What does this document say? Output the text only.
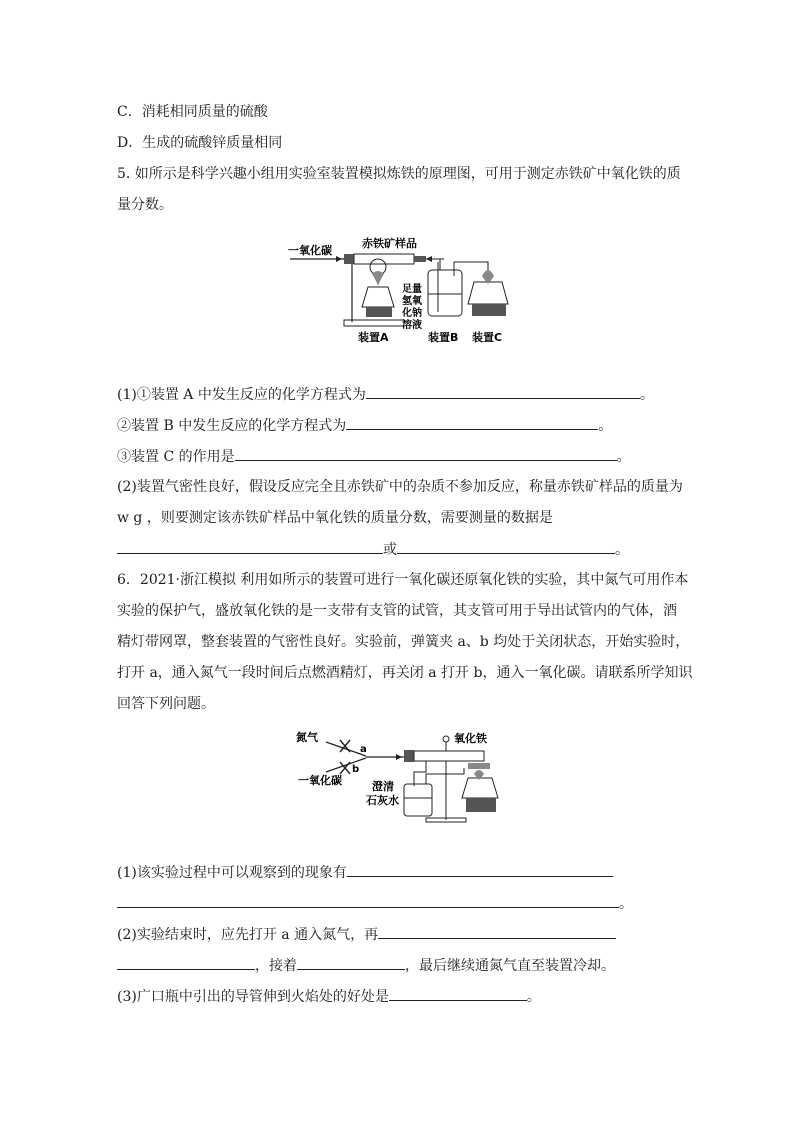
C．消耗相同质量的硫酸
D．生成的硫酸锌质量相同
5. 如所示是科学兴趣小组用实验室装置模拟炼铁的原理图，可用于测定赤铁矿中氧化铁的质
量分数。
一氧化碳
赤铁矿样品
足量
氢氧
化钠
溶液
装置A	装置B 装置C
(1)①装置 A 中发生反应的化学方程式为	。
②装置 B 中发生反应的化学方程式为	。
③装置 C 的作用是	。
(2)装置气密性良好，假设反应完全且赤铁矿中的杂质不参加反应，称量赤铁矿样品的质量为
w g ，则要测定该赤铁矿样品中氧化铁的质量分数，需要测量的数据是
或	。
6．2021·浙江模拟 利用如所示的装置可进行一氧化碳还原氧化铁的实验，其中氮气可用作本
实验的保护气，盛放氧化铁的是一支带有支管的试管，其支管可用于导出试管内的气体，酒
精灯带网罩，整套装置的气密性良好。实验前，弹簧夹 a、b 均处于关闭状态，开始实验时，
打开 a，通入氮气一段时间后点燃酒精灯，再关闭 a 打开 b，通入一氧化碳。请联系所学知识
回答下列问题。
氮气
a
b
一氧化碳
氧化铁
澄清
石灰水
(1)该实验过程中可以观察到的现象有
。
(2)实验结束时，应先打开 a 通入氮气，再
，接着	，最后继续通氮气直至装置冷却。
(3)广口瓶中引出的导管伸到火焰处的好处是	。
